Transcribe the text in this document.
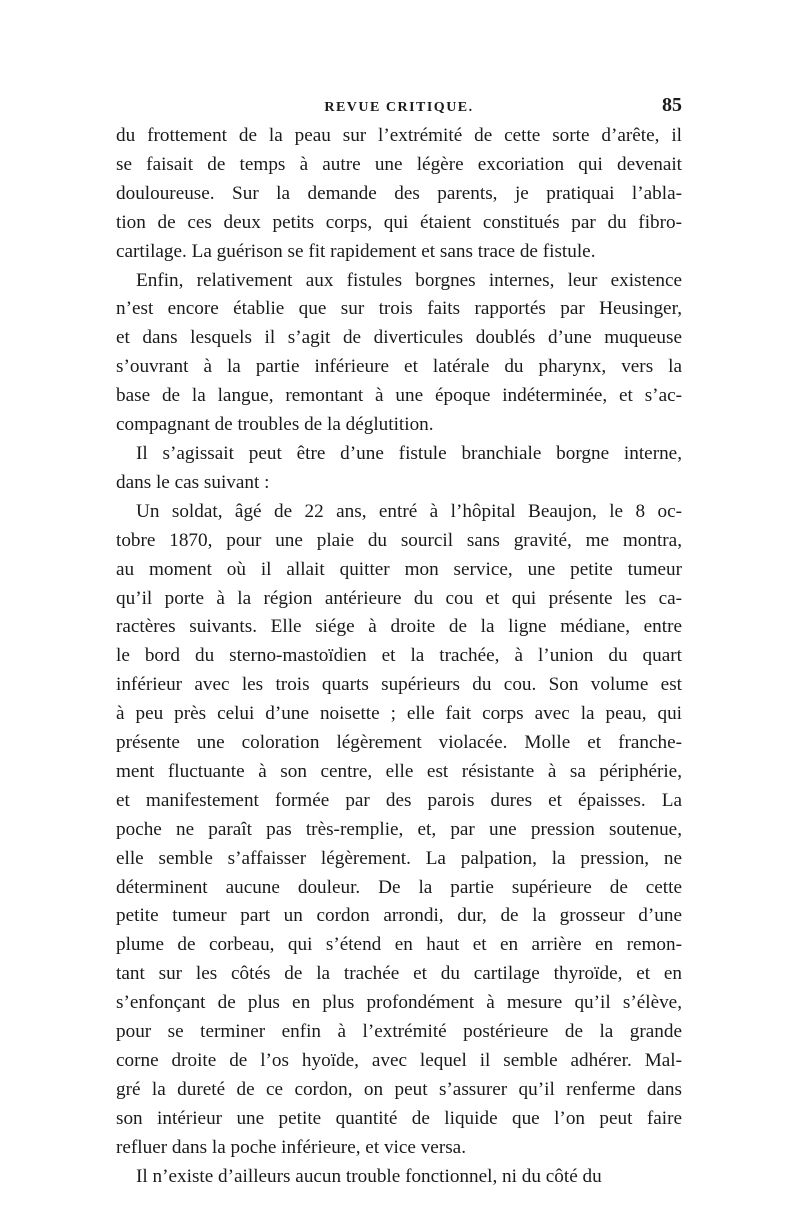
REVUE CRITIQUE.	85
du frottement de la peau sur l’extrémité de cette sorte d’arête, il
se faisait de temps à autre une légère excoriation qui devenait
douloureuse. Sur la demande des parents, je pratiquai l’abla-
tion de ces deux petits corps, qui étaient constitués par du fibro-
cartilage. La guérison se fit rapidement et sans trace de fistule.
Enfin, relativement aux fistules borgnes internes, leur existence
n’est encore établie que sur trois faits rapportés par Heusinger,
et dans lesquels il s’agit de diverticules doublés d’une muqueuse
s’ouvrant à la partie inférieure et latérale du pharynx, vers la
base de la langue, remontant à une époque indéterminée, et s’ac-
compagnant de troubles de la déglutition.
Il s’agissait peut être d’une fistule branchiale borgne interne,
dans le cas suivant :
Un soldat, âgé de 22 ans, entré à l’hôpital Beaujon, le 8 oc-
tobre 1870, pour une plaie du sourcil sans gravité, me montra,
au moment où il allait quitter mon service, une petite tumeur
qu’il porte à la région antérieure du cou et qui présente les ca-
ractères suivants. Elle siége à droite de la ligne médiane, entre
le bord du sterno-mastoïdien et la trachée, à l’union du quart
inférieur avec les trois quarts supérieurs du cou. Son volume est
à peu près celui d’une noisette ; elle fait corps avec la peau, qui
présente une coloration légèrement violacée. Molle et franche-
ment fluctuante à son centre, elle est résistante à sa périphérie,
et manifestement formée par des parois dures et épaisses. La
poche ne paraît pas très-remplie, et, par une pression soutenue,
elle semble s’affaisser légèrement. La palpation, la pression, ne
déterminent aucune douleur. De la partie supérieure de cette
petite tumeur part un cordon arrondi, dur, de la grosseur d’une
plume de corbeau, qui s’étend en haut et en arrière en remon-
tant sur les côtés de la trachée et du cartilage thyroïde, et en
s’enfonçant de plus en plus profondément à mesure qu’il s’élève,
pour se terminer enfin à l’extrémité postérieure de la grande
corne droite de l’os hyoïde, avec lequel il semble adhérer. Mal-
gré la dureté de ce cordon, on peut s’assurer qu’il renferme dans
son intérieur une petite quantité de liquide que l’on peut faire
refluer dans la poche inférieure, et vice versa.
Il n’existe d’ailleurs aucun trouble fonctionnel, ni du côté du
